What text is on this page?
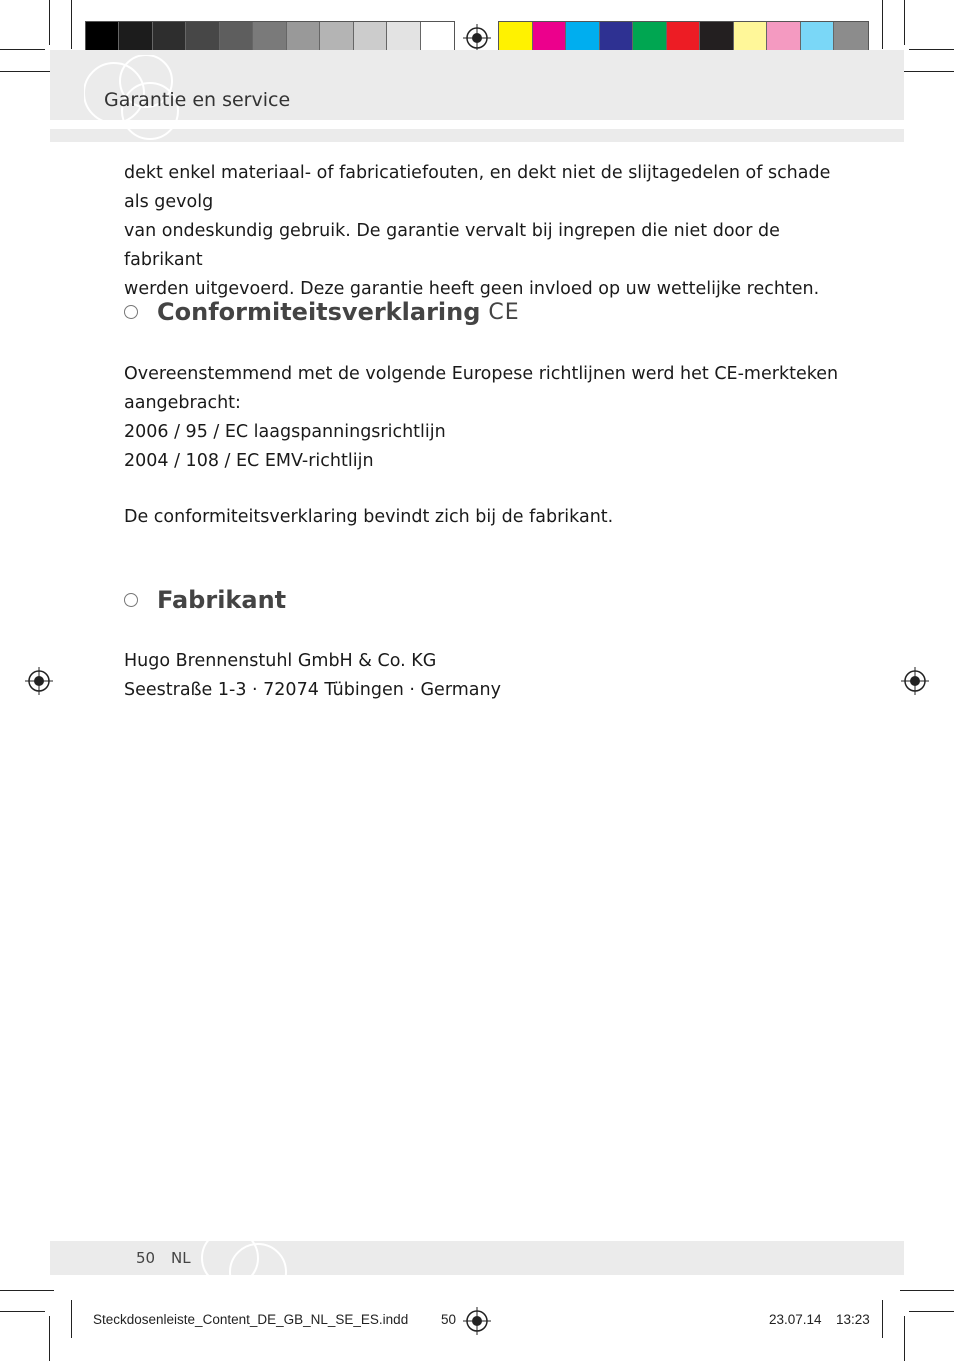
Garantie en service
dekt enkel materiaal- of fabricatiefouten, en dekt niet de slijtagedelen of schade als gevolg
van ondeskundig gebruik. De garantie vervalt bij ingrepen die niet door de fabrikant
werden uitgevoerd. Deze garantie heeft geen invloed op uw wettelijke rechten.
Conformiteitsverklaring CE
Overeenstemmend met de volgende Europese richtlijnen werd het CE-merkteken
aangebracht:
2006 / 95 / EC laagspanningsrichtlijn
2004 / 108 / EC EMV-richtlijn
De conformiteitsverklaring bevindt zich bij de fabrikant.
Fabrikant
Hugo Brennenstuhl GmbH & Co. KG
Seestraße 1-3 · 72074 Tübingen · Germany
50 NL
Steckdosenleiste_Content_DE_GB_NL_SE_ES.indd 50	23.07.14 13:23
